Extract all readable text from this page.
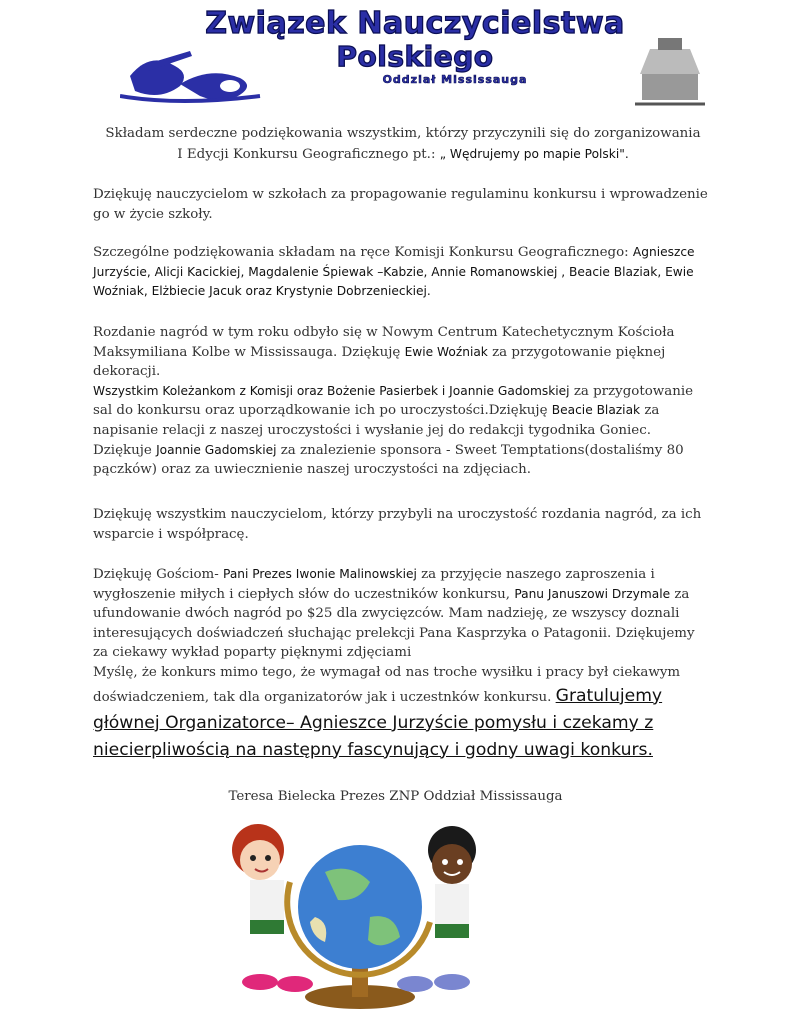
Związek Nauczycielstwa
Polskiego
Oddział Mississauga
Składam serdeczne podziękowania wszystkim, którzy przyczynili się do zorganizowania
I Edycji Konkursu Geograficznego pt.: „ Wędrujemy po mapie Polski".
Dziękuję nauczycielom w szkołach za propagowanie regulaminu konkursu i wprowadzenie go w życie szkoły.
Szczególne podziękowania składam na ręce Komisji Konkursu Geograficznego: Agnieszce Jurzyście, Alicji Kacickiej, Magdalenie Śpiewak –Kabzie, Annie Romanowskiej , Beacie Blaziak, Ewie Woźniak, Elżbiecie Jacuk oraz Krystynie Dobrzenieckiej.
Rozdanie nagród w tym roku odbyło się w Nowym Centrum Katechetycznym Kościoła Maksymiliana Kolbe w Mississauga. Dziękuję Ewie Woźniak za przygotowanie pięknej dekoracji.
Wszystkim Koleżankom z Komisji oraz Bożenie Pasierbek i Joannie Gadomskiej za przygotowanie sal do konkursu oraz uporządkowanie ich po uroczystości.Dziękuję Beacie Blaziak za napisanie relacji z naszej uroczystości i wysłanie jej do redakcji tygodnika Goniec. Dziękuje Joannie Gadomskiej za znalezienie sponsora - Sweet Temptations(dostaliśmy 80 pączków) oraz za uwiecznienie naszej uroczystości na zdjęciach.
Dziękuję wszystkim nauczycielom, którzy przybyli na uroczystość rozdania nagród, za ich wsparcie i współpracę.
Dziękuję Gościom- Pani Prezes Iwonie Malinowskiej za przyjęcie naszego zaproszenia i wygłoszenie miłych i ciepłych słów do uczestników konkursu, Panu Januszowi Drzymale za ufundowanie dwóch nagród po $25 dla zwycięzców. Mam nadzieję, ze wszyscy doznali interesujących doświadczeń słuchając prelekcji Pana Kasprzyka o Patagonii. Dziękujemy za ciekawy wykład poparty pięknymi zdjęciami
Myślę, że konkurs mimo tego, że wymagał od nas troche wysiłku i pracy był ciekawym doświadczeniem, tak dla organizatorów jak i uczestnków konkursu. Gratulujemy głównej Organizatorce– Agnieszce Jurzyście pomysłu i czekamy z niecierpliwością na następny fascynujący i godny uwagi konkurs.
Teresa Bielecka Prezes ZNP Oddział Mississauga
